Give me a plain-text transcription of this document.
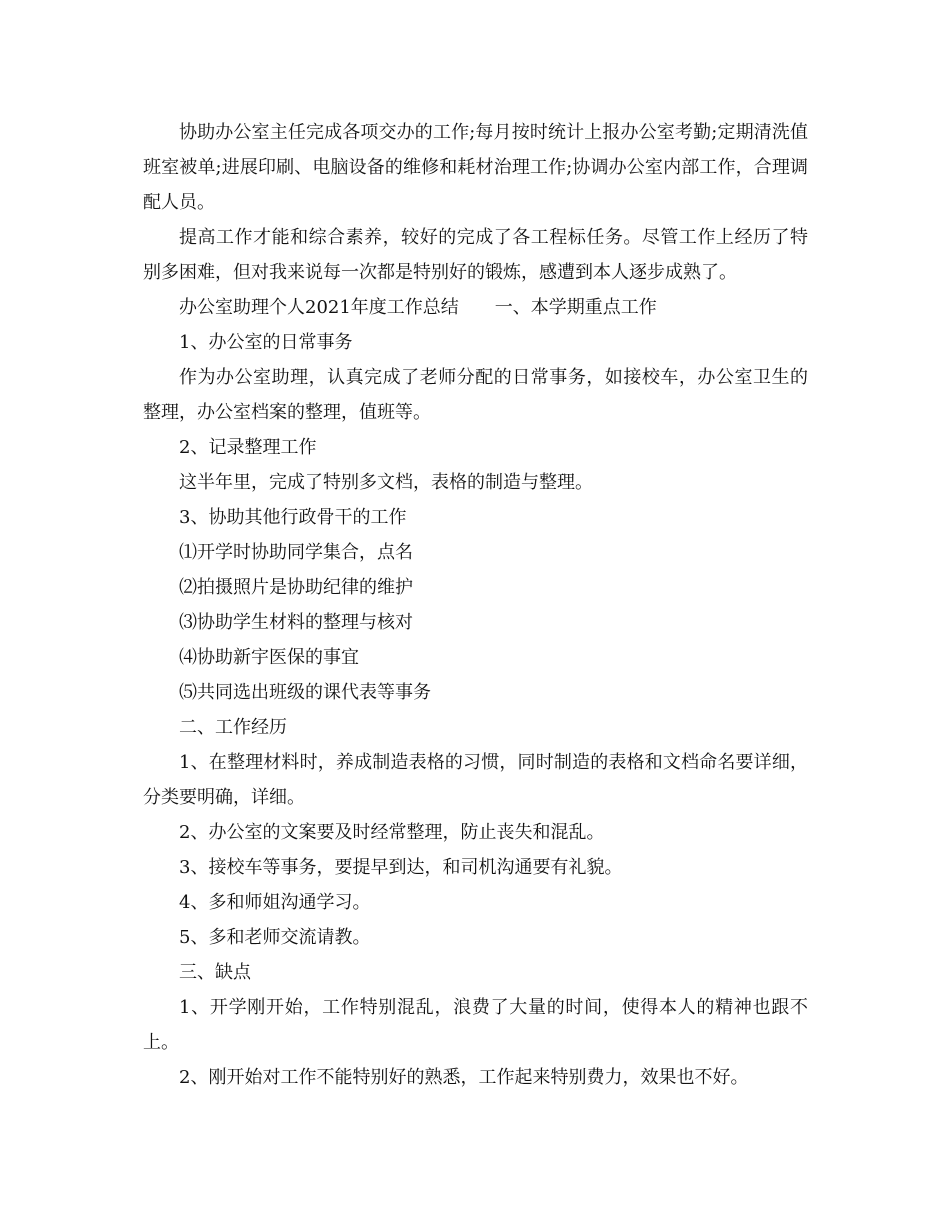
协助办公室主任完成各项交办的工作;每月按时统计上报办公室考勤;定期清洗值班室被单;进展印刷、电脑设备的维修和耗材治理工作;协调办公室内部工作，合理调配人员。

提高工作才能和综合素养，较好的完成了各工程标任务。尽管工作上经历了特别多困难，但对我来说每一次都是特别好的锻炼，感遭到本人逐步成熟了。

办公室助理个人2021年度工作总结　　一、本学期重点工作

1、办公室的日常事务

作为办公室助理，认真完成了老师分配的日常事务，如接校车，办公室卫生的整理，办公室档案的整理，值班等。

2、记录整理工作

这半年里，完成了特别多文档，表格的制造与整理。

3、协助其他行政骨干的工作

⑴开学时协助同学集合，点名

⑵拍摄照片是协助纪律的维护

⑶协助学生材料的整理与核对

⑷协助新宇医保的事宜

⑸共同选出班级的课代表等事务

二、工作经历

1、在整理材料时，养成制造表格的习惯，同时制造的表格和文档命名要详细，分类要明确，详细。

2、办公室的文案要及时经常整理，防止丧失和混乱。

3、接校车等事务，要提早到达，和司机沟通要有礼貌。

4、多和师姐沟通学习。

5、多和老师交流请教。

三、缺点

1、开学刚开始，工作特别混乱，浪费了大量的时间，使得本人的精神也跟不上。

2、刚开始对工作不能特别好的熟悉，工作起来特别费力，效果也不好。
